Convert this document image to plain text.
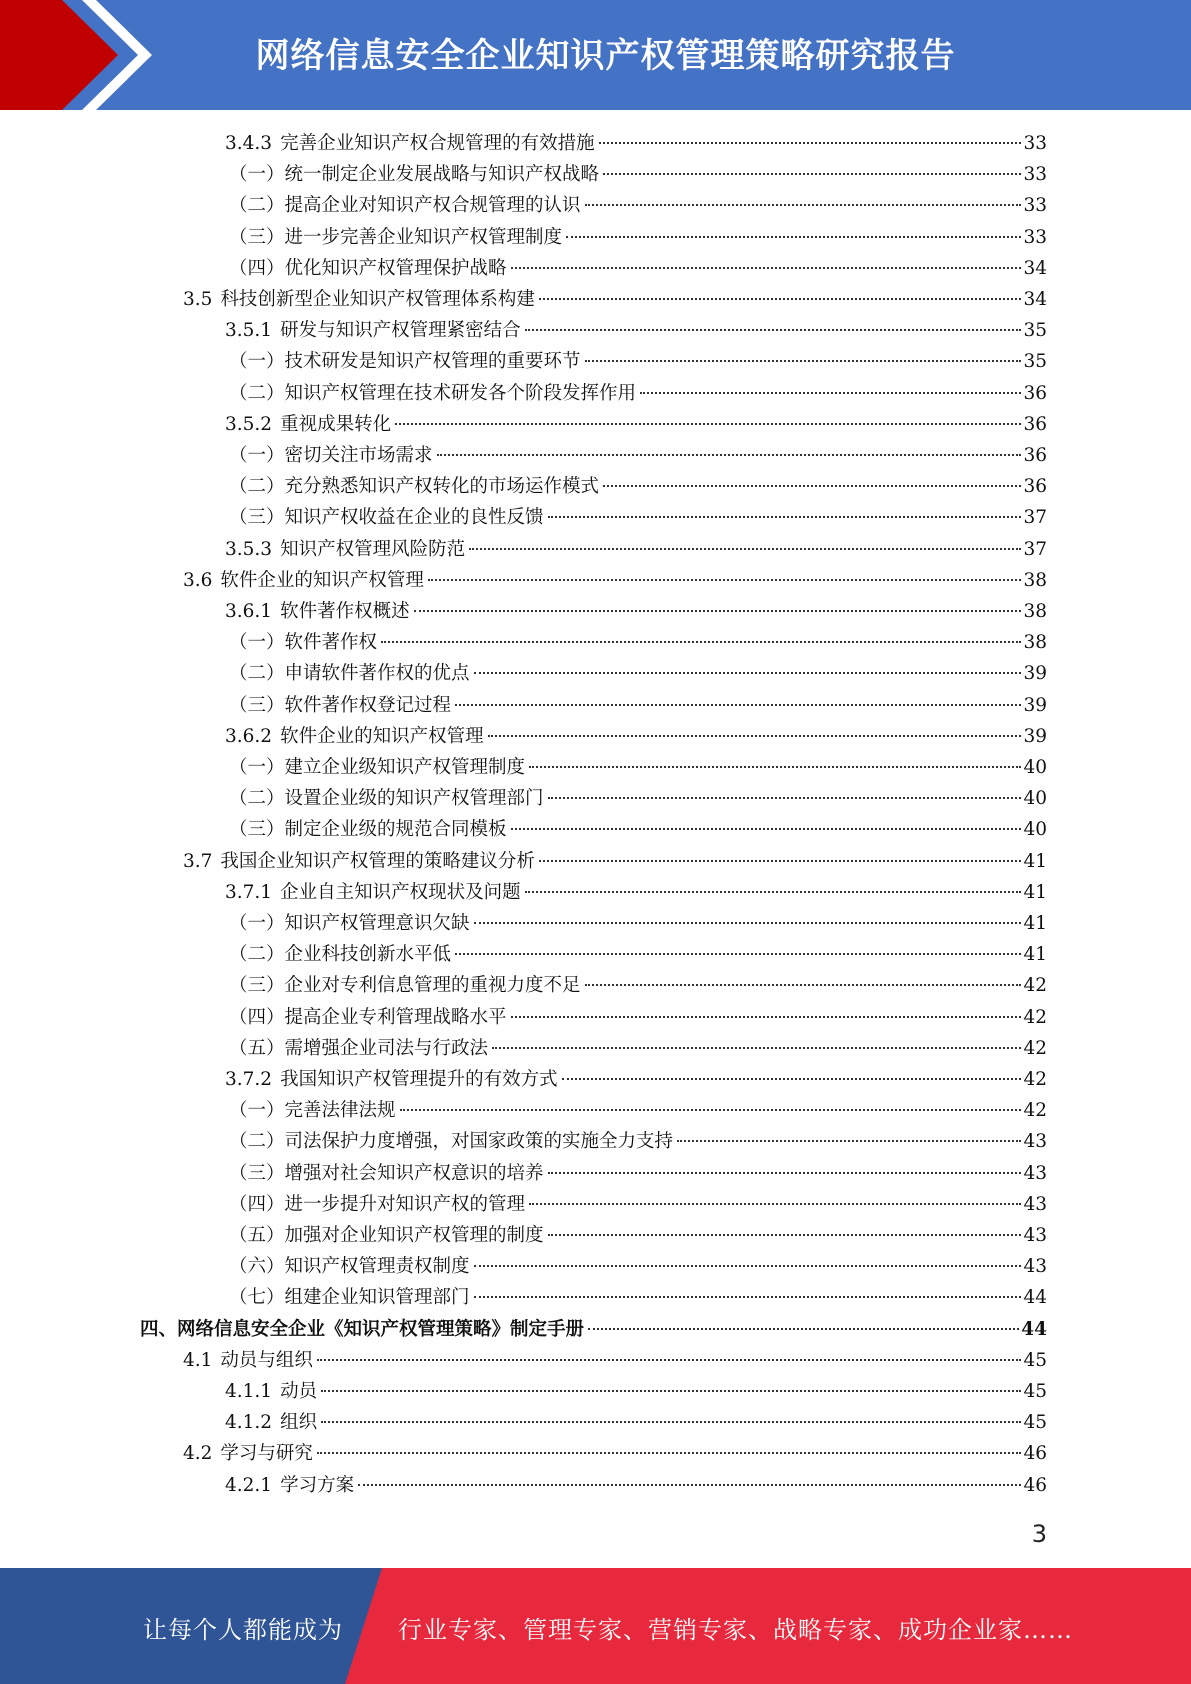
网络信息安全企业知识产权管理策略研究报告
3.4.3 完善企业知识产权合规管理的有效措施	33
（一）统一制定企业发展战略与知识产权战略	33
（二）提高企业对知识产权合规管理的认识	33
（三）进一步完善企业知识产权管理制度	33
（四）优化知识产权管理保护战略	34
3.5 科技创新型企业知识产权管理体系构建	34
3.5.1 研发与知识产权管理紧密结合	35
（一）技术研发是知识产权管理的重要环节	35
（二）知识产权管理在技术研发各个阶段发挥作用	36
3.5.2 重视成果转化	36
（一）密切关注市场需求	36
（二）充分熟悉知识产权转化的市场运作模式	36
（三）知识产权收益在企业的良性反馈	37
3.5.3 知识产权管理风险防范	37
3.6 软件企业的知识产权管理	38
3.6.1 软件著作权概述	38
（一）软件著作权	38
（二）申请软件著作权的优点	39
（三）软件著作权登记过程	39
3.6.2 软件企业的知识产权管理	39
（一）建立企业级知识产权管理制度	40
（二）设置企业级的知识产权管理部门	40
（三）制定企业级的规范合同模板	40
3.7 我国企业知识产权管理的策略建议分析	41
3.7.1 企业自主知识产权现状及问题	41
（一）知识产权管理意识欠缺	41
（二）企业科技创新水平低	41
（三）企业对专利信息管理的重视力度不足	42
（四）提高企业专利管理战略水平	42
（五）需增强企业司法与行政法	42
3.7.2 我国知识产权管理提升的有效方式	42
（一）完善法律法规	42
（二）司法保护力度增强，对国家政策的实施全力支持	43
（三）增强对社会知识产权意识的培养	43
（四）进一步提升对知识产权的管理	43
（五）加强对企业知识产权管理的制度	43
（六）知识产权管理责权制度	43
（七）组建企业知识管理部门	44
四、网络信息安全企业《知识产权管理策略》制定手册	44
4.1 动员与组织	45
4.1.1 动员	45
4.1.2 组织	45
4.2 学习与研究	46
4.2.1 学习方案	46
3
让每个人都能成为 行业专家、管理专家、营销专家、战略专家、成功企业家……
